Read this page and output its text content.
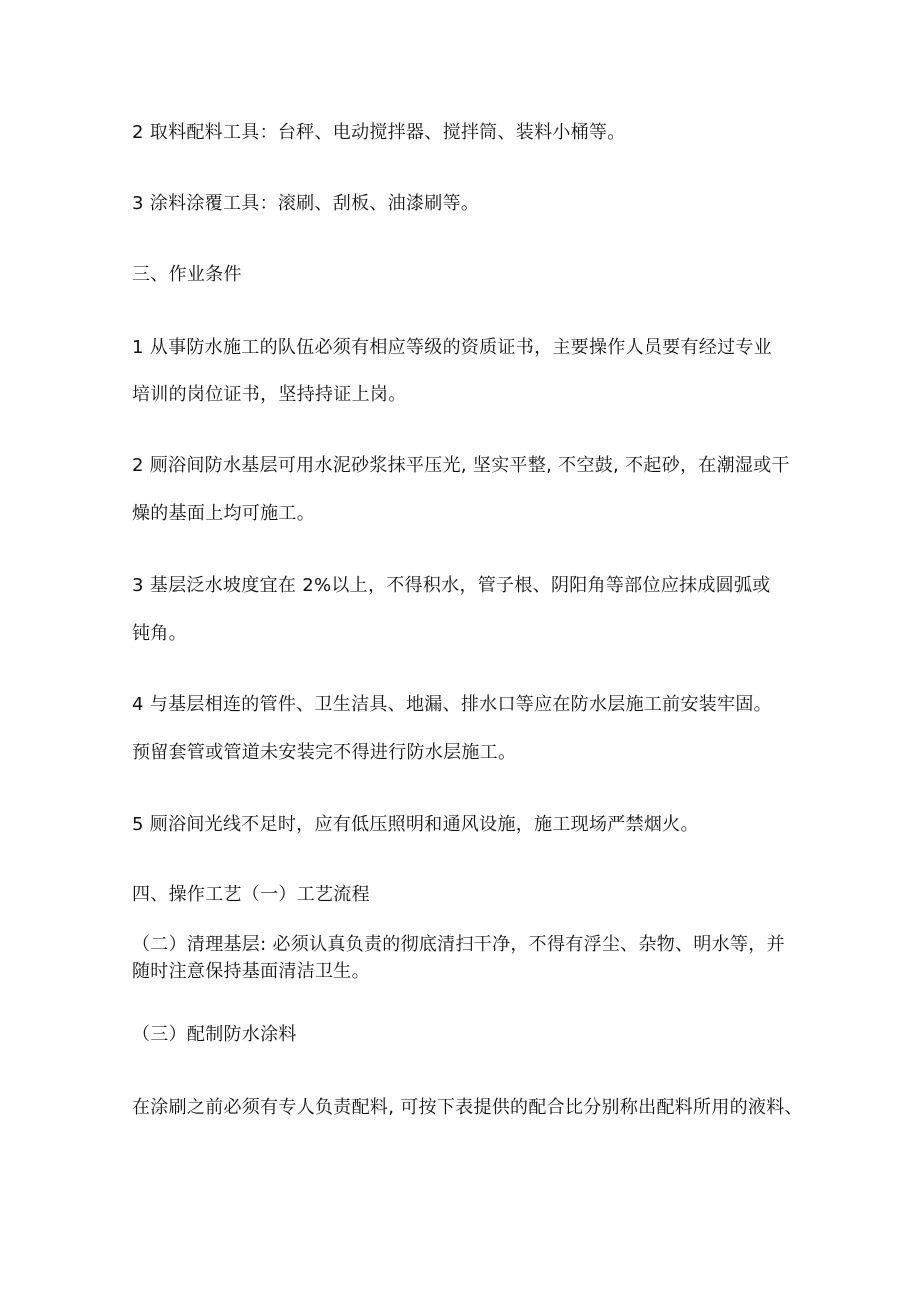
2 取料配料工具：台秤、电动搅拌器、搅拌筒、装料小桶等。

3 涂料涂覆工具：滚刷、刮板、油漆刷等。

三、作业条件

1 从事防水施工的队伍必须有相应等级的资质证书，主要操作人员要有经过专业

培训的岗位证书，坚持持证上岗。

2 厕浴间防水基层可用水泥砂浆抹平压光, 坚实平整, 不空鼓, 不起砂，在潮湿或干

燥的基面上均可施工。

3 基层泛水坡度宜在 2%以上，不得积水，管子根、阴阳角等部位应抹成圆弧或

钝角。

4 与基层相连的管件、卫生洁具、地漏、排水口等应在防水层施工前安装牢固。

预留套管或管道未安装完不得进行防水层施工。

5 厕浴间光线不足时，应有低压照明和通风设施，施工现场严禁烟火。

四、操作工艺（一）工艺流程

（二）清理基层: 必须认真负责的彻底清扫干净，不得有浮尘、杂物、明水等，并

随时注意保持基面清洁卫生。

（三）配制防水涂料

在涂刷之前必须有专人负责配料, 可按下表提供的配合比分别称出配料所用的液料、
